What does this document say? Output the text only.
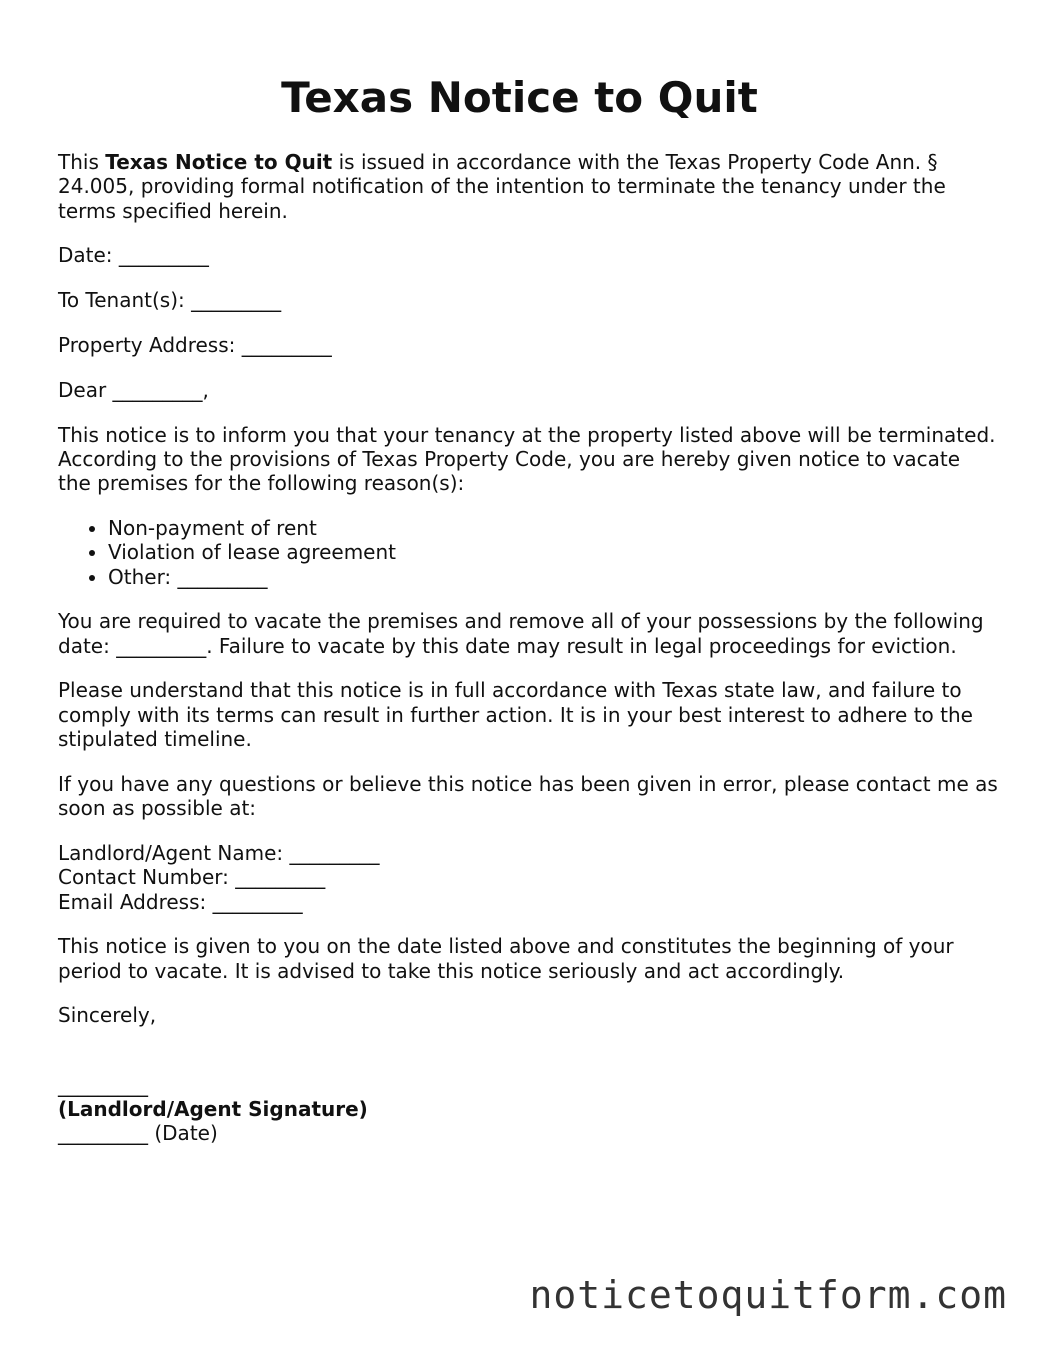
Texas Notice to Quit

This Texas Notice to Quit is issued in accordance with the Texas Property Code Ann. § 24.005, providing formal notification of the intention to terminate the tenancy under the terms specified herein.

Date: _________

To Tenant(s): _________

Property Address: _________

Dear _________,

This notice is to inform you that your tenancy at the property listed above will be terminated. According to the provisions of Texas Property Code, you are hereby given notice to vacate the premises for the following reason(s):

• Non-payment of rent
• Violation of lease agreement
• Other: _________

You are required to vacate the premises and remove all of your possessions by the following date: _________. Failure to vacate by this date may result in legal proceedings for eviction.

Please understand that this notice is in full accordance with Texas state law, and failure to comply with its terms can result in further action. It is in your best interest to adhere to the stipulated timeline.

If you have any questions or believe this notice has been given in error, please contact me as soon as possible at:

Landlord/Agent Name: _________
Contact Number: _________
Email Address: _________

This notice is given to you on the date listed above and constitutes the beginning of your period to vacate. It is advised to take this notice seriously and act accordingly.

Sincerely,

_________
(Landlord/Agent Signature)
_________ (Date)
noticetoquitform.com
